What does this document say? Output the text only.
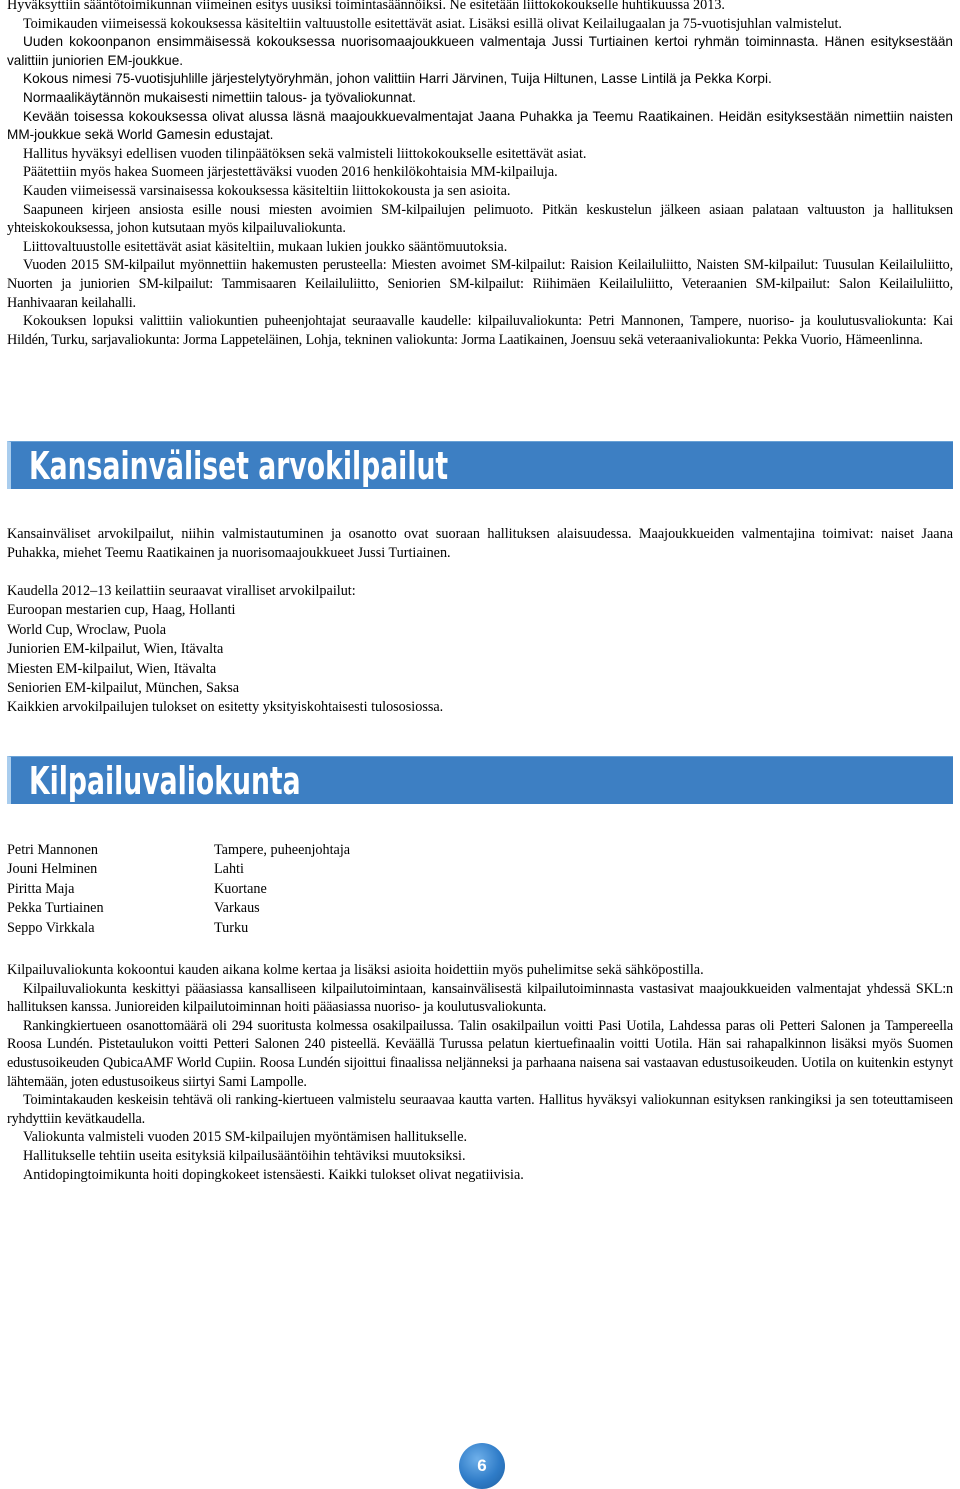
Hyväksyttiin sääntötoimikunnan viimeinen esitys uusiksi toimintasäännöiksi. Ne esitetään liittokokoukselle huhtikuussa 2013.

Toimikauden viimeisessä kokouksessa käsiteltiin valtuustolle esitettävät asiat. Lisäksi esillä olivat Keilailugaalan ja 75-vuotisjuhlan valmistelut.

Uuden kokoonpanon ensimmäisessä kokouksessa nuorisomaajoukkueen valmentaja Jussi Turtiainen kertoi ryhmän toiminnasta. Hänen esityksestään valittiin juniorien EM-joukkue.

Kokous nimesi 75-vuotisjuhlille järjestelytyöryhmän, johon valittiin Harri Järvinen, Tuija Hiltunen, Lasse Lintilä ja Pekka Korpi.

Normaalikäytännön mukaisesti nimettiin talous- ja työvaliokunnat.

Kevään toisessa kokouksessa olivat alussa läsnä maajoukkuevalmentajat Jaana Puhakka ja Teemu Raatikainen. Heidän esityksestään nimettiin naisten MM-joukkue sekä World Gamesin edustajat.

Hallitus hyväksyi edellisen vuoden tilinpäätöksen sekä valmisteli liittokokoukselle esitettävät asiat.

Päätettiin myös hakea Suomeen järjestettäväksi vuoden 2016 henkilökohtaisia MM-kilpailuja.

Kauden viimeisessä varsinaisessa kokouksessa käsiteltiin liittokokousta ja sen asioita.

Saapuneen kirjeen ansiosta esille nousi miesten avoimien SM-kilpailujen pelimuoto. Pitkän keskustelun jälkeen asiaan palataan valtuuston ja hallituksen yhteiskokouksessa, johon kutsutaan myös kilpailuvaliokunta.

Liittovaltuustolle esitettävät asiat käsiteltiin, mukaan lukien joukko sääntömuutoksia.

Vuoden 2015 SM-kilpailut myönnettiin hakemusten perusteella: Miesten avoimet SM-kilpailut: Raision Keilailuliitto, Naisten SM-kilpailut: Tuusulan Keilailuliitto, Nuorten ja juniorien SM-kilpailut: Tammisaaren Keilailuliitto, Seniorien SM-kilpailut: Riihimäen Keilailuliitto, Veteraanien SM-kilpailut: Salon Keilailuliitto, Hanhivaaran keilahalli.

Kokouksen lopuksi valittiin valiokuntien puheenjohtajat seuraavalle kaudelle: kilpailuvaliokunta: Petri Mannonen, Tampere, nuoriso- ja koulutusvaliokunta: Kai Hildén, Turku, sarjavaliokunta: Jorma Lappeteläinen, Lohja, tekninen valiokunta: Jorma Laatikainen, Joensuu sekä veteraanivaliokunta: Pekka Vuorio, Hämeenlinna.

Kansainväliset arvokilpailut

Kansainväliset arvokilpailut, niihin valmistautuminen ja osanotto ovat suoraan hallituksen alaisuudessa. Maajoukkueiden valmentajina toimivat: naiset Jaana Puhakka, miehet Teemu Raatikainen ja nuorisomaajoukkueet Jussi Turtiainen.

Kaudella 2012–13 keilattiin seuraavat viralliset arvokilpailut:

Euroopan mestarien cup, Haag, Hollanti

World Cup, Wroclaw, Puola

Juniorien EM-kilpailut, Wien, Itävalta

Miesten EM-kilpailut, Wien, Itävalta

Seniorien EM-kilpailut, München, Saksa

Kaikkien arvokilpailujen tulokset on esitetty yksityiskohtaisesti tulososiossa.

Kilpailuvaliokunta
Petri Mannonen	Tampere, puheenjohtaja
Jouni Helminen	Lahti
Piritta Maja	Kuortane
Pekka Turtiainen	Varkaus
Seppo Virkkala	Turku

Kilpailuvaliokunta kokoontui kauden aikana kolme kertaa ja lisäksi asioita hoidettiin myös puhelimitse sekä sähköpostilla.

Kilpailuvaliokunta keskittyi pääasiassa kansalliseen kilpailutoimintaan, kansainvälisestä kilpailutoiminnasta vastasivat maajoukkueiden valmentajat yhdessä SKL:n hallituksen kanssa. Junioreiden kilpailutoiminnan hoiti pääasiassa nuoriso- ja koulutusvaliokunta.

Rankingkiertueen osanottomäärä oli 294 suoritusta kolmessa osakilpailussa. Talin osakilpailun voitti Pasi Uotila, Lahdessa paras oli Petteri Salonen ja Tampereella Roosa Lundén. Pistetaulukon voitti Petteri Salonen 240 pisteellä. Keväällä Turussa pelatun kiertuefinaalin voitti Uotila. Hän sai rahapalkinnon lisäksi myös Suomen edustusoikeuden QubicaAMF World Cupiin. Roosa Lundén sijoittui finaalissa neljänneksi ja parhaana naisena sai vastaavan edustusoikeuden. Uotila on kuitenkin estynyt lähtemään, joten edustusoikeus siirtyi Sami Lampolle.

Toimintakauden keskeisin tehtävä oli ranking-kiertueen valmistelu seuraavaa kautta varten. Hallitus hyväksyi valiokunnan esityksen rankingiksi ja sen toteuttamiseen ryhdyttiin kevätkaudella.

Valiokunta valmisteli vuoden 2015 SM-kilpailujen myöntämisen hallitukselle.

Hallitukselle tehtiin useita esityksiä kilpailusääntöihin tehtäviksi muutoksiksi.

Antidopingtoimikunta hoiti dopingkokeet istensäesti. Kaikki tulokset olivat negatiivisia.

6
